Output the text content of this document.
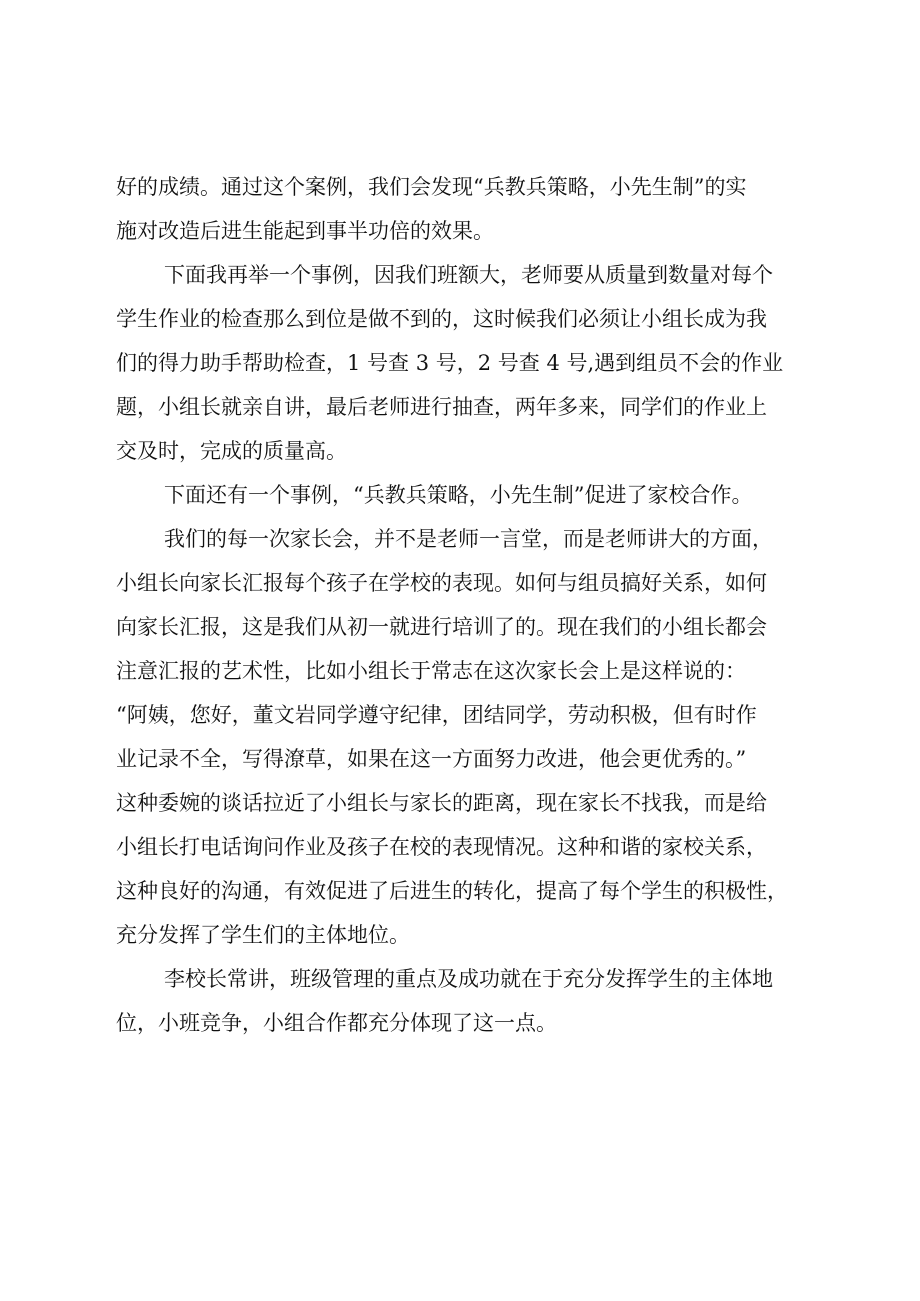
好的成绩。通过这个案例，我们会发现“兵教兵策略，小先生制”的实
施对改造后进生能起到事半功倍的效果。

下面我再举一个事例，因我们班额大，老师要从质量到数量对每个
学生作业的检查那么到位是做不到的，这时候我们必须让小组长成为我
们的得力助手帮助检查，1 号查 3 号，2 号查 4 号,遇到组员不会的作业
题，小组长就亲自讲，最后老师进行抽查，两年多来，同学们的作业上
交及时，完成的质量高。

下面还有一个事例，“兵教兵策略，小先生制”促进了家校合作。

我们的每一次家长会，并不是老师一言堂，而是老师讲大的方面，
小组长向家长汇报每个孩子在学校的表现。如何与组员搞好关系，如何
向家长汇报，这是我们从初一就进行培训了的。现在我们的小组长都会
注意汇报的艺术性，比如小组长于常志在这次家长会上是这样说的：
“阿姨，您好，董文岩同学遵守纪律，团结同学，劳动积极，但有时作
业记录不全，写得潦草，如果在这一方面努力改进，他会更优秀的。”
这种委婉的谈话拉近了小组长与家长的距离，现在家长不找我，而是给
小组长打电话询问作业及孩子在校的表现情况。这种和谐的家校关系，
这种良好的沟通，有效促进了后进生的转化，提高了每个学生的积极性，
充分发挥了学生们的主体地位。

李校长常讲，班级管理的重点及成功就在于充分发挥学生的主体地
位，小班竞争，小组合作都充分体现了这一点。
